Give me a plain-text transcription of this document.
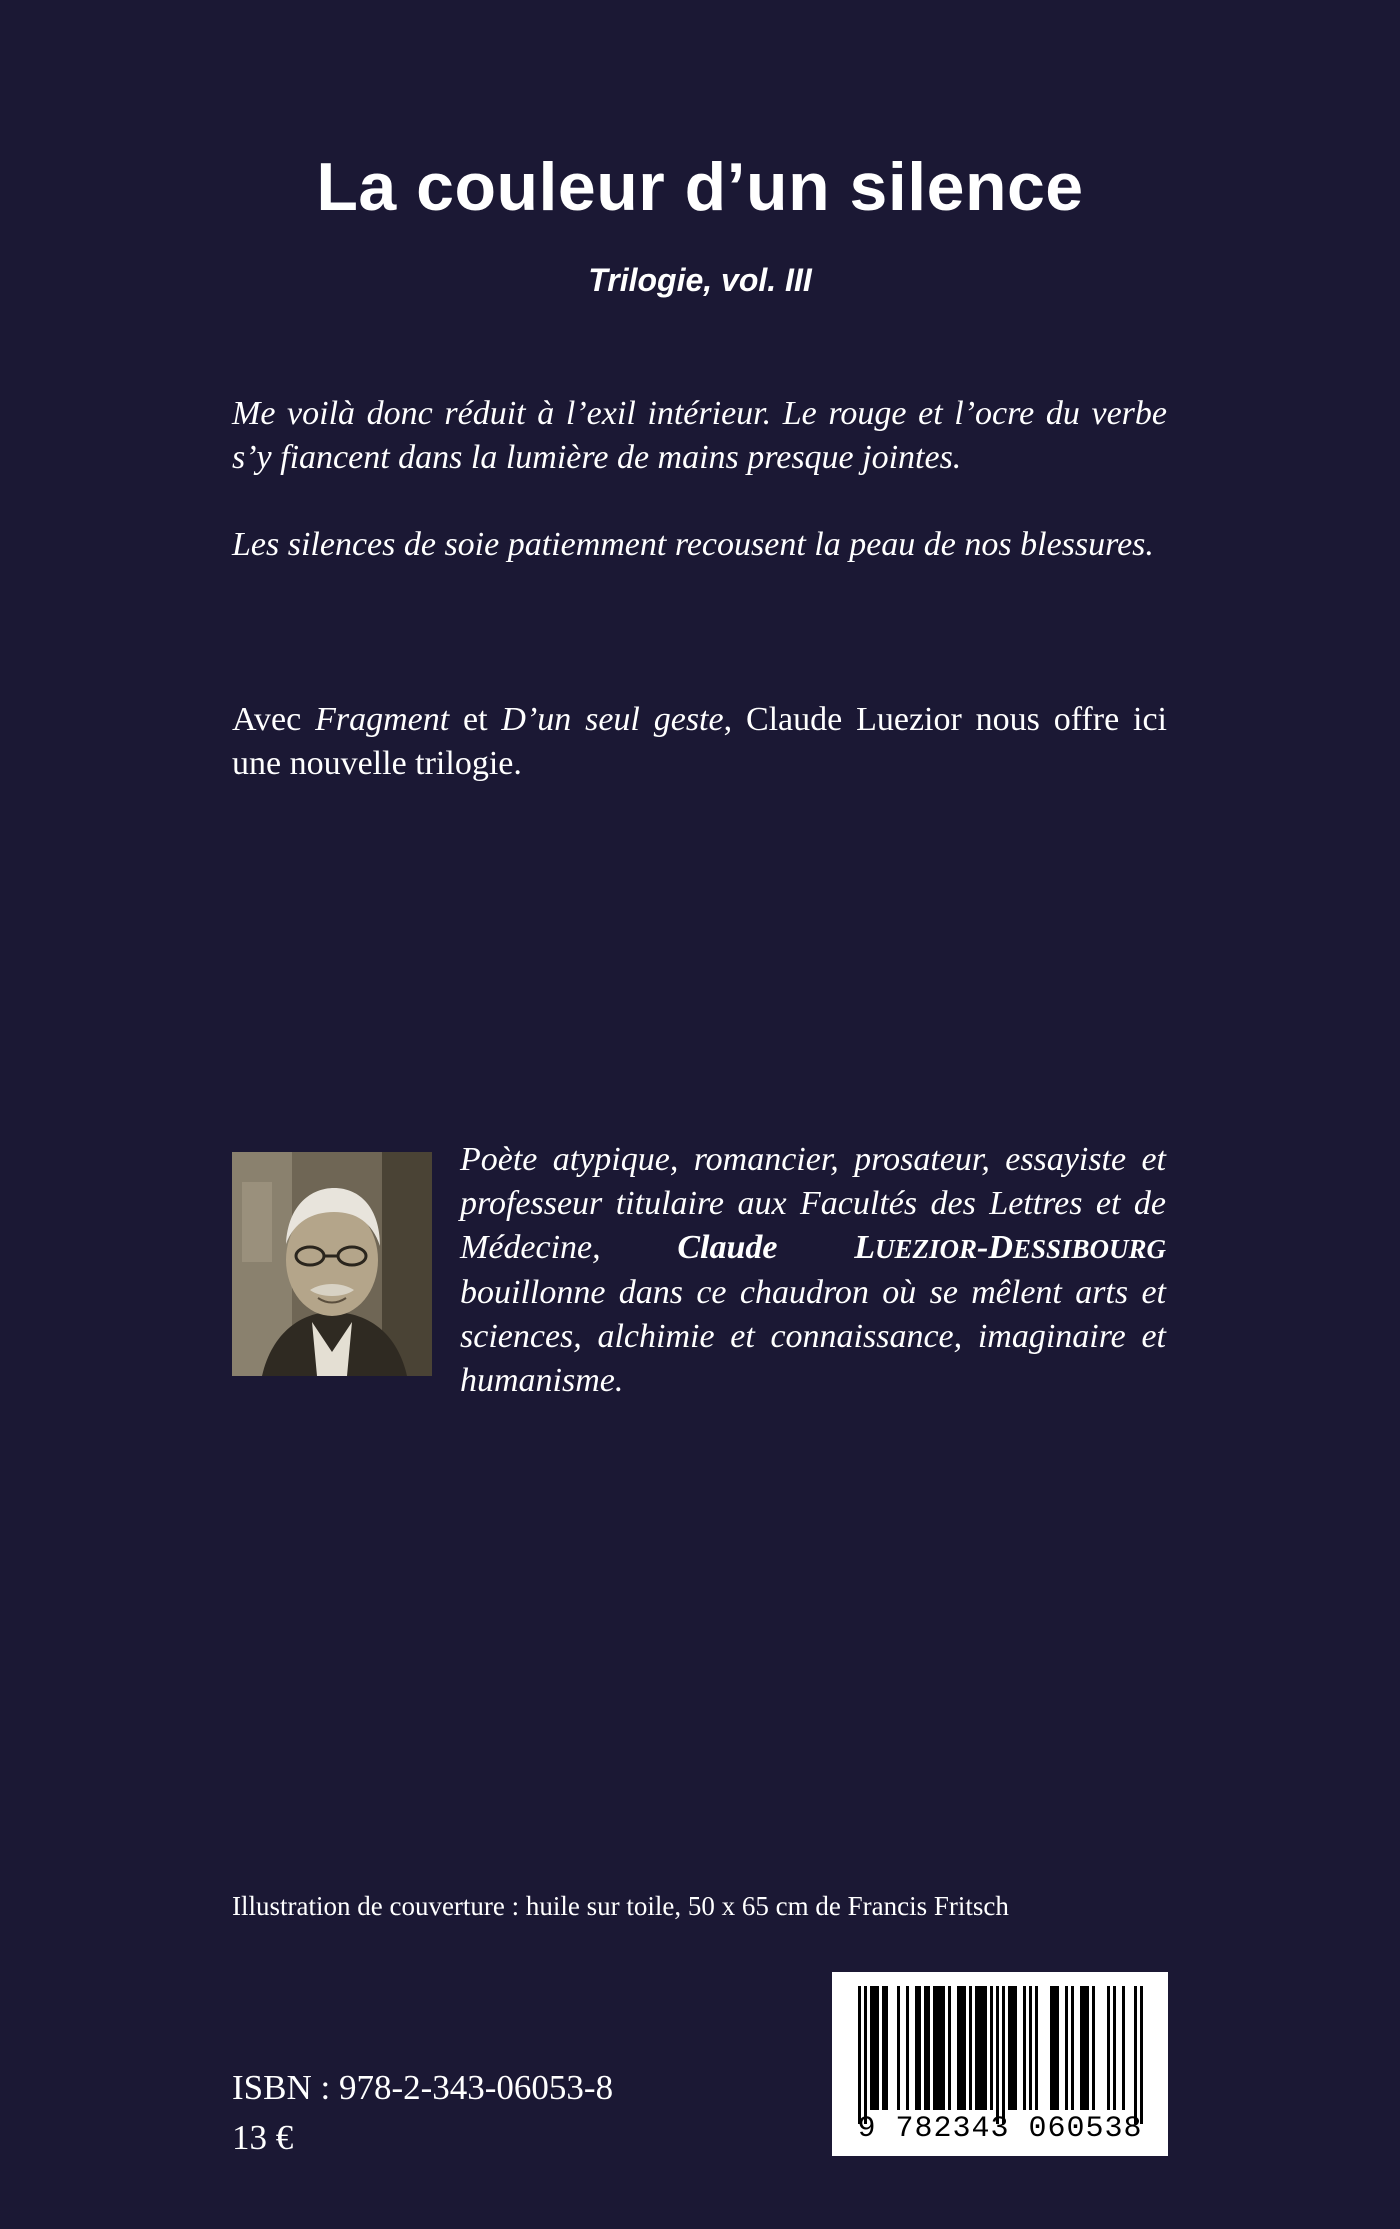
La couleur d’un silence
Trilogie, vol. III

Me voilà donc réduit à l’exil intérieur. Le rouge et l’ocre du verbe s’y fiancent dans la lumière de mains presque jointes.

Les silences de soie patiemment recousent la peau de nos blessures.

Avec Fragment et D’un seul geste, Claude Luezior nous offre ici une nouvelle trilogie.

Poète atypique, romancier, prosateur, essayiste et professeur titulaire aux Facultés des Lettres et de Médecine, Claude LUEZIOR-DESSIBOURG bouillonne dans ce chaudron où se mêlent arts et sciences, alchimie et connaissance, imaginaire et humanisme.

Illustration de couverture : huile sur toile, 50 x 65 cm de Francis Fritsch
ISBN : 978-2-343-06053-8
13 €	9 782343 060538
